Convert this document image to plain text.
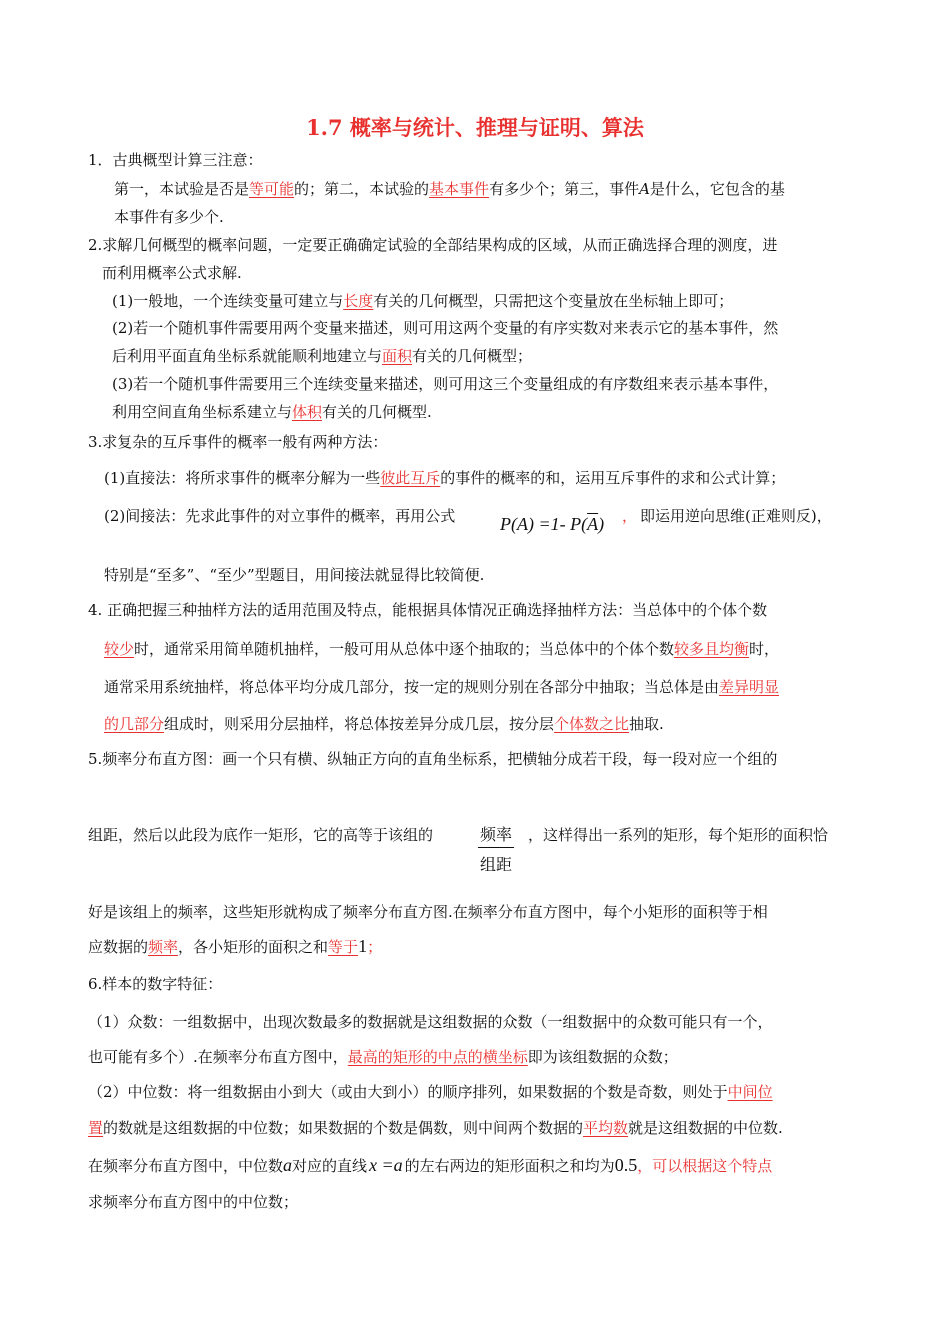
1.7 概率与统计、推理与证明、算法
1．古典概型计算三注意：
第一，本试验是否是等可能的；第二，本试验的基本事件有多少个；第三，事件A是什么，它包含的基
本事件有多少个.
2.求解几何概型的概率问题，一定要正确确定试验的全部结果构成的区域，从而正确选择合理的测度，进
而利用概率公式求解.
(1)一般地，一个连续变量可建立与长度有关的几何概型，只需把这个变量放在坐标轴上即可；
(2)若一个随机事件需要用两个变量来描述，则可用这两个变量的有序实数对来表示它的基本事件，然
后利用平面直角坐标系就能顺利地建立与面积有关的几何概型；
(3)若一个随机事件需要用三个连续变量来描述，则可用这三个变量组成的有序数组来表示基本事件，
利用空间直角坐标系建立与体积有关的几何概型.
3.求复杂的互斥事件的概率一般有两种方法：
(1)直接法：将所求事件的概率分解为一些彼此互斥的事件的概率的和，运用互斥事件的求和公式计算；
(2)间接法：先求此事件的对立事件的概率，再用公式 P(A) =1- $P(\overline{A})$ ， 即运用逆向思维(正难则反)，
特别是“至多”、“至少”型题目，用间接法就显得比较简便.
4. 正确把握三种抽样方法的适用范围及特点，能根据具体情况正确选择抽样方法：当总体中的个体个数
较少时，通常采用简单随机抽样，一般可用从总体中逐个抽取的；当总体中的个体个数较多且均衡时，
通常采用系统抽样，将总体平均分成几部分，按一定的规则分别在各部分中抽取；当总体是由差异明显
的几部分组成时，则采用分层抽样，将总体按差异分成几层，按分层个体数之比抽取.
5.频率分布直方图：画一个只有横、纵轴正方向的直角坐标系，把横轴分成若干段，每一段对应一个组的
组距，然后以此段为底作一矩形，它的高等于该组的	频率
组距
，这样得出一系列的矩形，每个矩形的面积恰
好是该组上的频率，这些矩形就构成了频率分布直方图.在频率分布直方图中，每个小矩形的面积等于相
应数据的频率，各小矩形的面积之和等于1；
6.样本的数字特征：
（1）众数：一组数据中，出现次数最多的数据就是这组数据的众数（一组数据中的众数可能只有一个，
也可能有多个）.在频率分布直方图中，最高的矩形的中点的横坐标即为该组数据的众数；
（2）中位数：将一组数据由小到大（或由大到小）的顺序排列，如果数据的个数是奇数，则处于中间位
置的数就是这组数据的中位数；如果数据的个数是偶数，则中间两个数据的平均数就是这组数据的中位数.
在频率分布直方图中，中位数a对应的直线 x =a 的左右两边的矩形面积之和均为0.5，可以根据这个特点
求频率分布直方图中的中位数；
